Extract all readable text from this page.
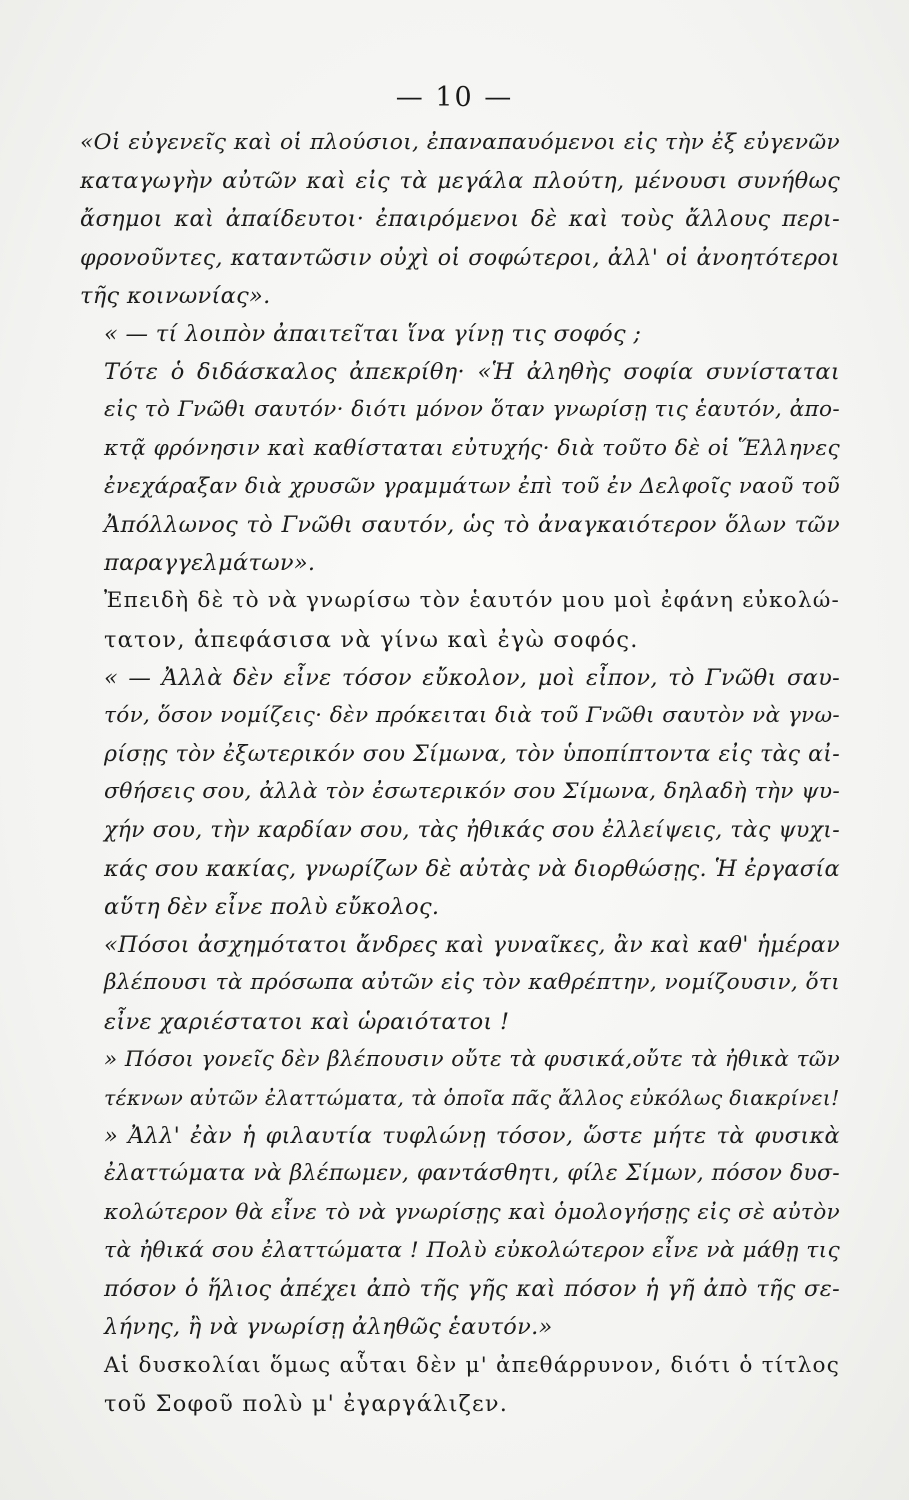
— 10 —
«Οἱ εὐγενεῖς καὶ οἱ πλούσιοι, ἐπαναπαυόμενοι εἰς τὴν ἐξ εὐγενῶν
καταγωγὴν αὐτῶν καὶ εἰς τὰ μεγάλα πλούτη, μένουσι συνήθως
ἄσημοι καὶ ἀπαίδευτοι· ἐπαιρόμενοι δὲ καὶ τοὺς ἄλλους περι-
φρονοῦντες, καταντῶσιν οὐχὶ οἱ σοφώτεροι, ἀλλ' οἱ ἀνοητότεροι
τῆς κοινωνίας».
« — τί λοιπὸν ἀπαιτεῖται ἵνα γίνῃ τις σοφός ;
Τότε ὁ διδάσκαλος ἀπεκρίθη· «Ἡ ἀληθὴς σοφία συνίσταται
εἰς τὸ Γνῶθι σαυτόν· διότι μόνον ὅταν γνωρίσῃ τις ἑαυτόν, ἀπο-
κτᾷ φρόνησιν καὶ καθίσταται εὐτυχής· διὰ τοῦτο δὲ οἱ Ἕλληνες
ἐνεχάραξαν διὰ χρυσῶν γραμμάτων ἐπὶ τοῦ ἐν Δελφοῖς ναοῦ τοῦ
Ἀπόλλωνος τὸ Γνῶθι σαυτόν, ὡς τὸ ἀναγκαιότερον ὅλων τῶν
παραγγελμάτων».
Ἐπειδὴ δὲ τὸ νὰ γνωρίσω τὸν ἑαυτόν μου μοὶ ἐφάνη εὐκολώ-
τατον, ἀπεφάσισα νὰ γίνω καὶ ἐγὼ σοφός.
« — Ἀλλὰ δὲν εἶνε τόσον εὔκολον, μοὶ εἶπον, τὸ Γνῶθι σαυ-
τόν, ὅσον νομίζεις· δὲν πρόκειται διὰ τοῦ Γνῶθι σαυτὸν νὰ γνω-
ρίσῃς τὸν ἐξωτερικόν σου Σίμωνα, τὸν ὑποπίπτοντα εἰς τὰς αἰ-
σθήσεις σου, ἀλλὰ τὸν ἐσωτερικόν σου Σίμωνα, δηλαδὴ τὴν ψυ-
χήν σου, τὴν καρδίαν σου, τὰς ἠθικάς σου ἐλλείψεις, τὰς ψυχι-
κάς σου κακίας, γνωρίζων δὲ αὐτὰς νὰ διορθώσῃς. Ἡ ἐργασία
αὕτη δὲν εἶνε πολὺ εὔκολος.
«Πόσοι ἀσχημότατοι ἄνδρες καὶ γυναῖκες, ἂν καὶ καθ' ἡμέραν
βλέπουσι τὰ πρόσωπα αὐτῶν εἰς τὸν καθρέπτην, νομίζουσιν, ὅτι
εἶνε χαριέστατοι καὶ ὡραιότατοι !
» Πόσοι γονεῖς δὲν βλέπουσιν οὔτε τὰ φυσικά,οὔτε τὰ ἠθικὰ τῶν
τέκνων αὐτῶν ἐλαττώματα, τὰ ὁποῖα πᾶς ἄλλος εὐκόλως διακρίνει!
» Ἀλλ' ἐὰν ἡ φιλαυτία τυφλώνῃ τόσον, ὥστε μήτε τὰ φυσικὰ
ἐλαττώματα νὰ βλέπωμεν, φαντάσθητι, φίλε Σίμων, πόσον δυσ-
κολώτερον θὰ εἶνε τὸ νὰ γνωρίσῃς καὶ ὁμολογήσῃς εἰς σὲ αὐτὸν
τὰ ἠθικά σου ἐλαττώματα ! Πολὺ εὐκολώτερον εἶνε νὰ μάθῃ τις
πόσον ὁ ἥλιος ἀπέχει ἀπὸ τῆς γῆς καὶ πόσον ἡ γῆ ἀπὸ τῆς σε-
λήνης, ἢ νὰ γνωρίσῃ ἀληθῶς ἑαυτόν.»
Αἱ δυσκολίαι ὅμως αὗται δὲν μ' ἀπεθάρρυνον, διότι ὁ τίτλος
τοῦ Σοφοῦ πολὺ μ' ἐγαργάλιζεν.
